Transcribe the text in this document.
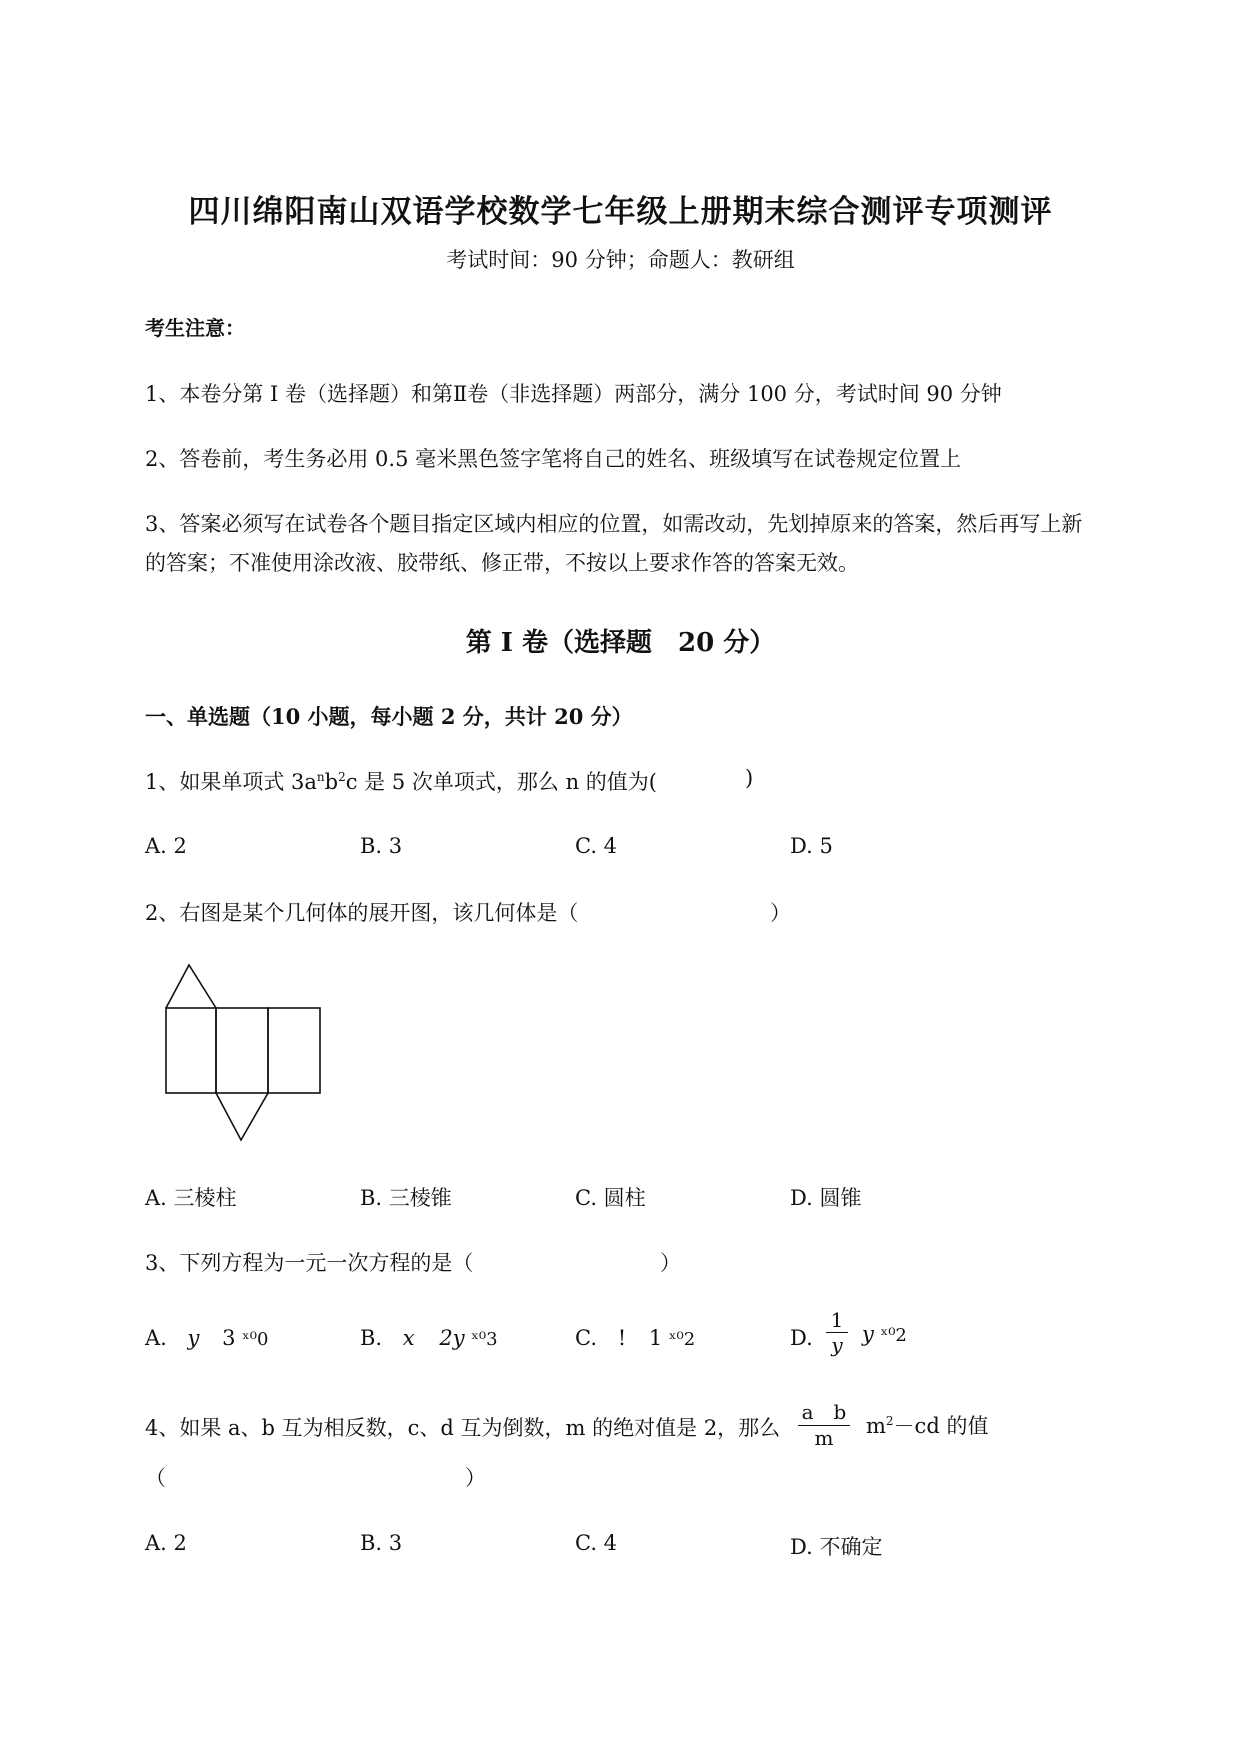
四川绵阳南山双语学校数学七年级上册期末综合测评专项测评
考试时间：90 分钟；命题人：教研组
考生注意：
1、本卷分第 I 卷（选择题）和第Ⅱ卷（非选择题）两部分，满分 100 分，考试时间 90 分钟
2、答卷前，考生务必用 0.5 毫米黑色签字笔将自己的姓名、班级填写在试卷规定位置上
3、答案必须写在试卷各个题目指定区域内相应的位置，如需改动，先划掉原来的答案，然后再写上新
的答案；不准使用涂改液、胶带纸、修正带，不按以上要求作答的答案无效。
第 I 卷（选择题　20 分）
一、单选题（10 小题，每小题 2 分，共计 20 分）
1、如果单项式 $3a^nb^2c$ 是 5 次单项式，那么 n 的值为(	)
A. 2	B. 3	C. 4	D. 5
2、右图是某个几何体的展开图，该几何体是（	）
A. 三棱柱	B. 三棱锥	C. 圆柱	D. 圆锥
3、下列方程为一元一次方程的是（	）
A. y 3 ˣ⁰0	B. x 2y ˣ⁰3	C. ! 1 ˣ⁰2	D. $\frac{1}{y}$ y ˣ⁰2
4、如果 a、b 互为相反数，c、d 互为倒数，m 的绝对值是 2，那么 $\frac{\text{a　b}}{m} m^2-cd$ 的值
（	）
A. 2	B. 3	C. 4	D. 不确定
